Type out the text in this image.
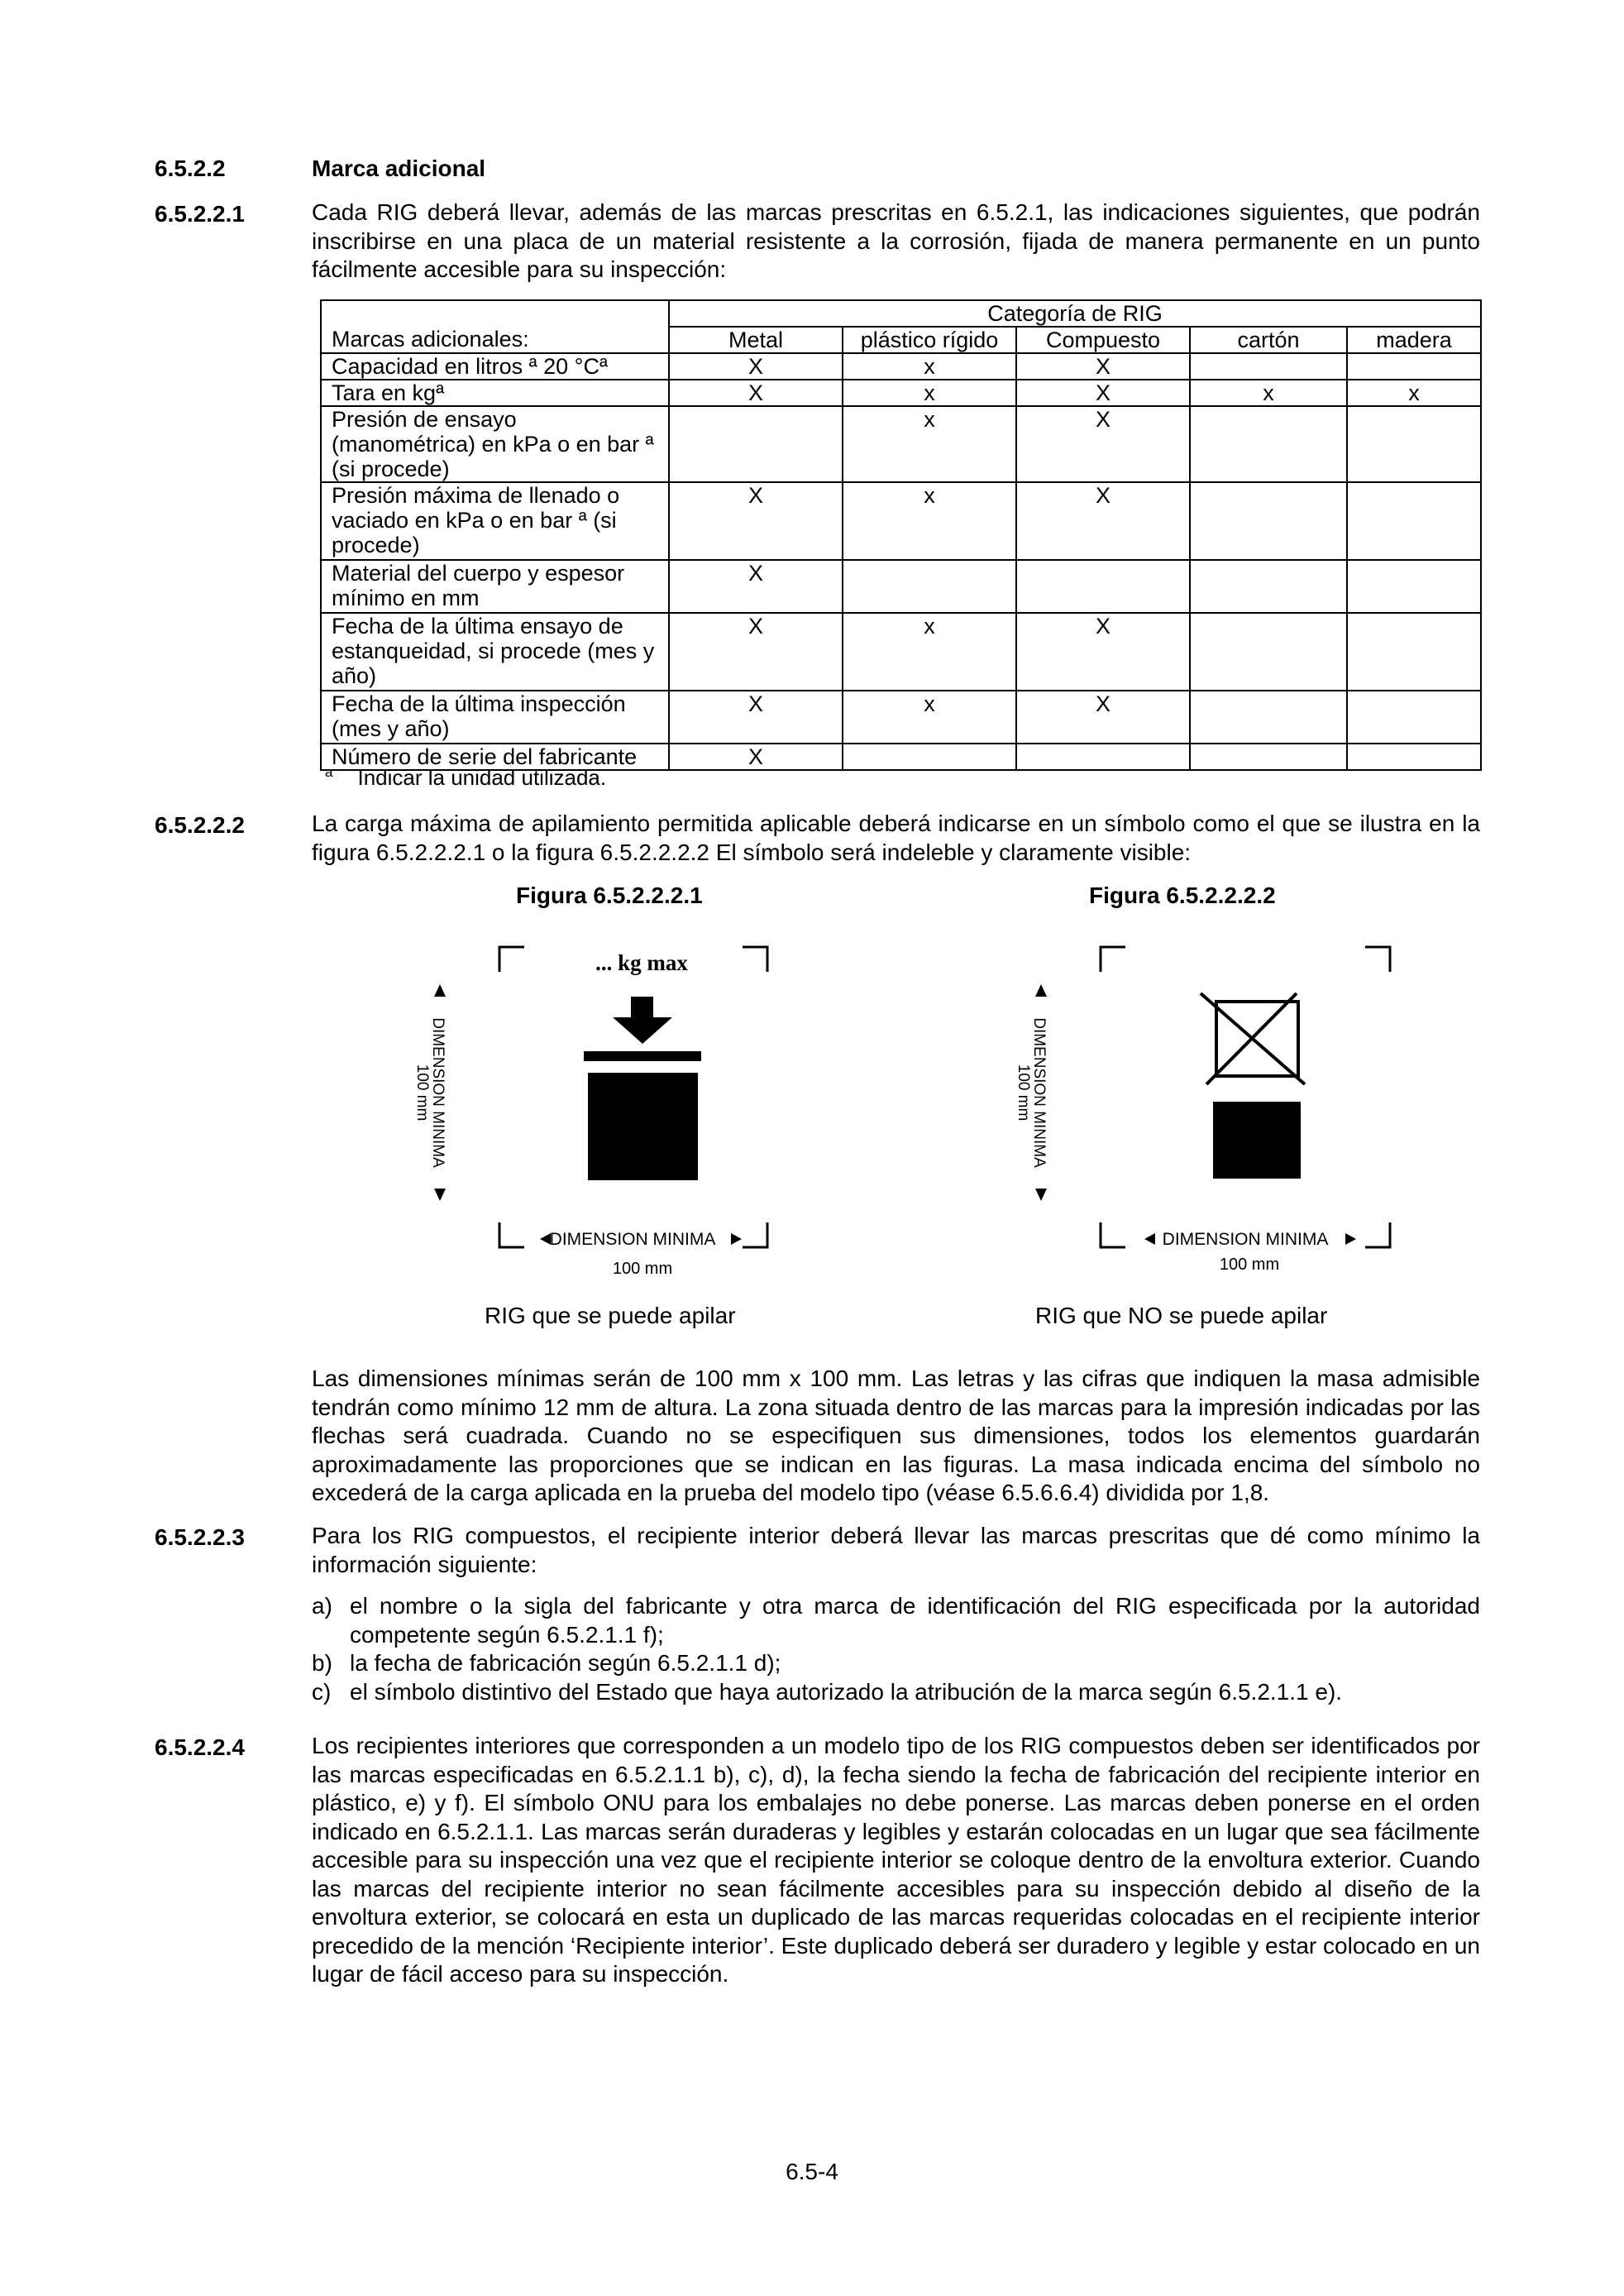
6.5.2.2	Marca adicional
6.5.2.2.1	Cada RIG deberá llevar, además de las marcas prescritas en 6.5.2.1, las indicaciones siguientes, que podrán inscribirse en una placa de un material resistente a la corrosión, fijada de manera permanente en un punto fácilmente accesible para su inspección:
	Categoría de RIG				
Marcas adicionales:	Metal	plástico rígido	Compuesto	cartón	madera
Capacidad en litros ª 20 °Cª	X	x	X		
Tara en kgª	X	x	X	x	x
Presión de ensayo (manométrica) en kPa o en bar ª (si procede)		x	X		
Presión máxima de llenado o vaciado en kPa o en bar ª (si procede)	X	x	X		
Material del cuerpo y espesor mínimo en mm	X				
Fecha de la última ensayo de estanqueidad, si procede (mes y año)	X	x	X		
Fecha de la última inspección (mes y año)	X	x	X		
Número de serie del fabricante	X				
$^a$ Indicar la unidad utilizada.
6.5.2.2.2	La carga máxima de apilamiento permitida aplicable deberá indicarse en un símbolo como el que se ilustra en la figura 6.5.2.2.2.1 o la figura 6.5.2.2.2.2 El símbolo será indeleble y claramente visible:
Figura 6.5.2.2.2.1	Figura 6.5.2.2.2.2
... kg max
DIMENSION MINIMA
100 mm
DIMENSION MINIMA
100 mm
DIMENSION MINIMA
100 mm
DIMENSION MINIMA
100 mm
RIG que se puede apilar	RIG que NO se puede apilar
Las dimensiones mínimas serán de 100 mm x 100 mm. Las letras y las cifras que indiquen la masa admisible tendrán como mínimo 12 mm de altura. La zona situada dentro de las marcas para la impresión indicadas por las flechas será cuadrada. Cuando no se especifiquen sus dimensiones, todos los elementos guardarán aproximadamente las proporciones que se indican en las figuras. La masa indicada encima del símbolo no excederá de la carga aplicada en la prueba del modelo tipo (véase 6.5.6.6.4) dividida por 1,8.
6.5.2.2.3	Para los RIG compuestos, el recipiente interior deberá llevar las marcas prescritas que dé como mínimo la información siguiente:
a) el nombre o la sigla del fabricante y otra marca de identificación del RIG especificada por la autoridad competente según 6.5.2.1.1 f);
b) la fecha de fabricación según 6.5.2.1.1 d);
c) el símbolo distintivo del Estado que haya autorizado la atribución de la marca según 6.5.2.1.1 e).
6.5.2.2.4	Los recipientes interiores que corresponden a un modelo tipo de los RIG compuestos deben ser identificados por las marcas especificadas en 6.5.2.1.1 b), c), d), la fecha siendo la fecha de fabricación del recipiente interior en plástico, e) y f). El símbolo ONU para los embalajes no debe ponerse. Las marcas deben ponerse en el orden indicado en 6.5.2.1.1. Las marcas serán duraderas y legibles y estarán colocadas en un lugar que sea fácilmente accesible para su inspección una vez que el recipiente interior se coloque dentro de la envoltura exterior. Cuando las marcas del recipiente interior no sean fácilmente accesibles para su inspección debido al diseño de la envoltura exterior, se colocará en esta un duplicado de las marcas requeridas colocadas en el recipiente interior precedido de la mención ‘Recipiente interior’. Este duplicado deberá ser duradero y legible y estar colocado en un lugar de fácil acceso para su inspección.
6.5-4
